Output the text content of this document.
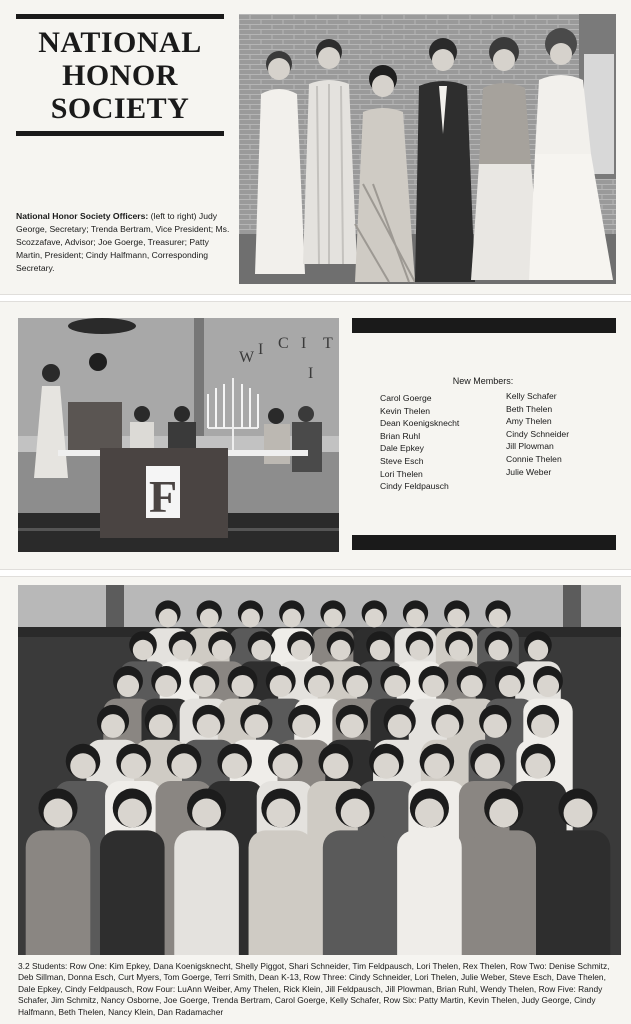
NATIONAL
HONOR
SOCIETY
National Honor Society Officers: (left to right) Judy George, Secretary; Trenda Bertram, Vice President; Ms. Scozzafave, Advisor; Joe Goerge, Treasurer; Patty Martin, President; Cindy Halfmann, Corresponding Secretary.
W I C I T
I
F
New Members:
Carol Goerge
Kevin Thelen
Dean Koenigsknecht
Brian Ruhl
Dale Epkey
Steve Esch
Lori Thelen
Cindy Feldpausch
Kelly Schafer
Beth Thelen
Amy Thelen
Cindy Schneider
Jill Plowman
Connie Thelen
Julie Weber
3.2 Students: Row One: Kim Epkey, Dana Koenigsknecht, Shelly Piggot, Shari Schneider, Tim Feldpausch, Lori Thelen, Rex Thelen, Row Two: Denise Schmitz, Deb Sillman, Donna Esch, Curt Myers, Tom Goerge, Terri Smith, Dean K-13, Row Three: Cindy Schneider, Lori Thelen, Julie Weber, Steve Esch, Dave Thelen, Dale Epkey, Cindy Feldpausch, Row Four: LuAnn Weiber, Amy Thelen, Rick Klein, Jill Feldpausch, Jill Plowman, Brian Ruhl, Wendy Thelen, Row Five: Randy Schafer, Jim Schmitz, Nancy Osborne, Joe Goerge, Trenda Bertram, Carol Goerge, Kelly Schafer, Row Six: Patty Martin, Kevin Thelen, Judy George, Cindy Halfmann, Beth Thelen, Nancy Klein, Dan Radamacher
